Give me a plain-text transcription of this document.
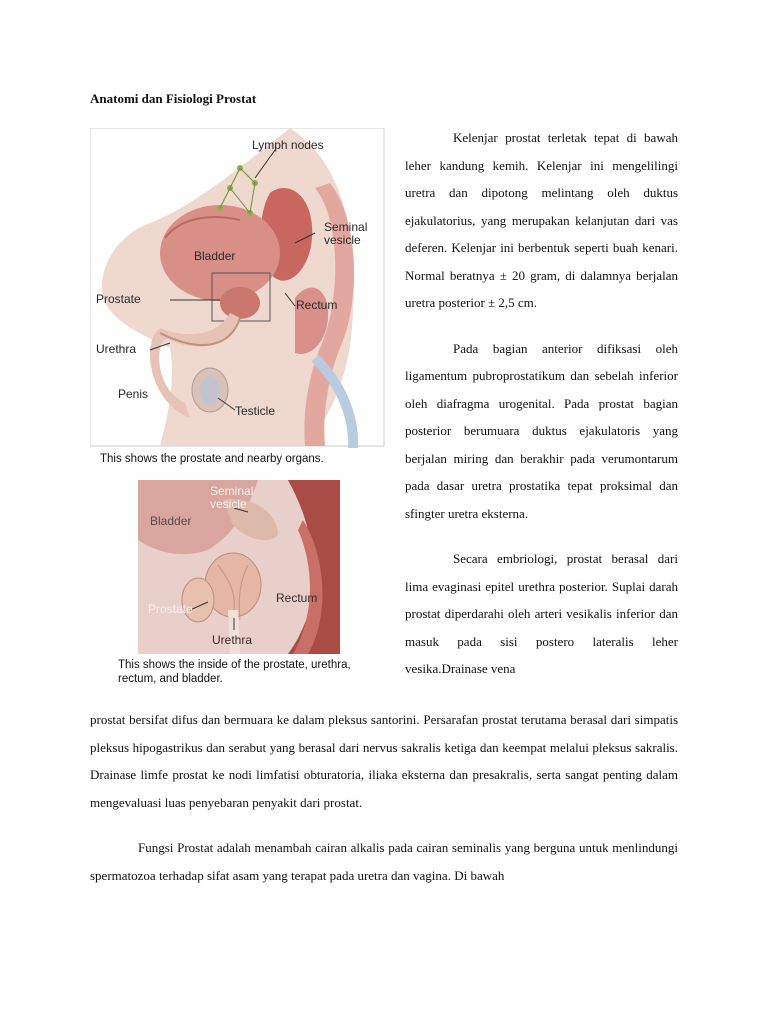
Anatomi dan Fisiologi Prostat
Lymph nodes
Seminal vesicle
Bladder
Prostate	Rectum
Urethra
Penis
Testicle
This shows the prostate and nearby organs.
Seminal vesicle
Bladder
Prostate
Rectum
Urethra
This shows the inside of the prostate, urethra, rectum, and bladder.

Kelenjar prostat terletak tepat di bawah leher kandung kemih. Kelenjar ini mengelilingi uretra dan dipotong melintang oleh duktus ejakulatorius, yang merupakan kelanjutan dari vas deferen. Kelenjar ini berbentuk seperti buah kenari. Normal beratnya ± 20 gram, di dalamnya berjalan uretra posterior ± 2,5 cm.

Pada bagian anterior difiksasi oleh ligamentum pubroprostatikum dan sebelah inferior oleh diafragma urogenital. Pada prostat bagian posterior berumuara duktus ejakulatoris yang berjalan miring dan berakhir pada verumontarum pada dasar uretra prostatika tepat proksimal dan sfingter uretra eksterna.

Secara embriologi, prostat berasal dari lima evaginasi epitel urethra posterior. Suplai darah prostat diperdarahi oleh arteri vesikalis inferior dan masuk pada sisi postero lateralis leher vesika.Drainase vena

prostat bersifat difus dan bermuara ke dalam pleksus santorini. Persarafan prostat terutama berasal dari simpatis pleksus hipogastrikus dan serabut yang berasal dari nervus sakralis ketiga dan keempat melalui pleksus sakralis. Drainase limfe prostat ke nodi limfatisi obturatoria, iliaka eksterna dan presakralis, serta sangat penting dalam mengevaluasi luas penyebaran penyakit dari prostat.

Fungsi Prostat adalah menambah cairan alkalis pada cairan seminalis yang berguna untuk menlindungi spermatozoa terhadap sifat asam yang terapat pada uretra dan vagina. Di bawah
